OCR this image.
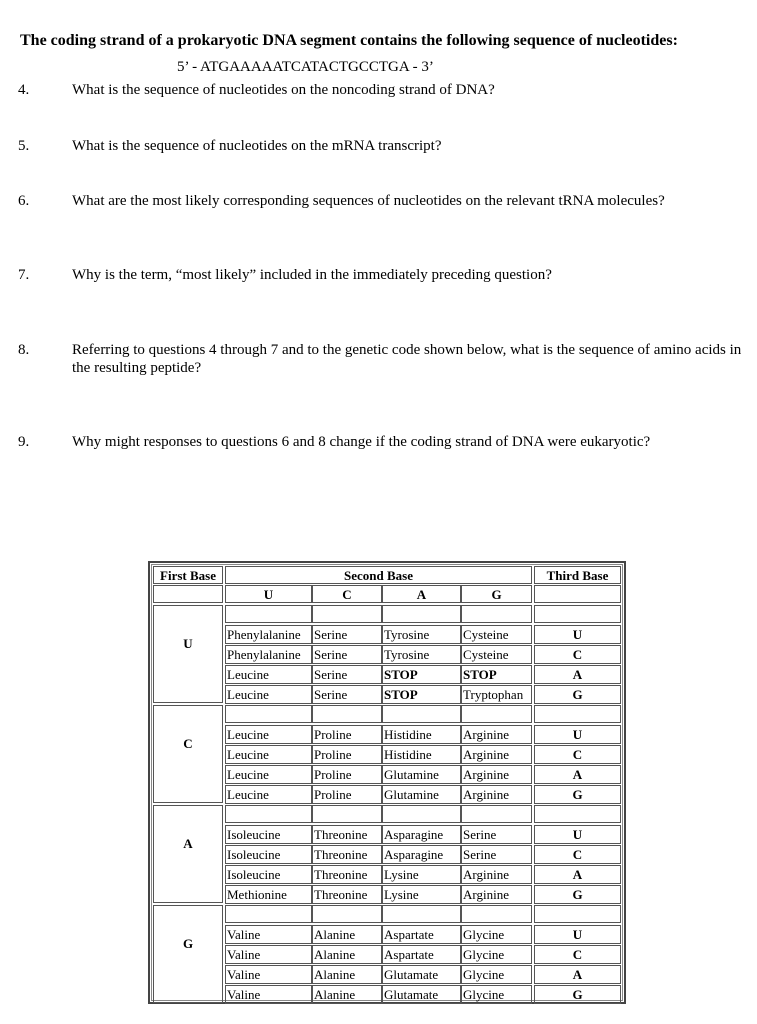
The coding strand of a prokaryotic DNA segment contains the following sequence of nucleotides:
5’ - ATGAAAAATCATACTGCCTGA - 3’
4.	What is the sequence of nucleotides on the noncoding strand of DNA?
5.	What is the sequence of nucleotides on the mRNA transcript?
6.	What are the most likely corresponding sequences of nucleotides on the relevant tRNA molecules?
7.	Why is the term, “most likely” included in the immediately preceding question?
8.	Referring to questions 4 through 7 and to the genetic code shown below, what is the sequence of amino acids in the resulting peptide?
9.	Why might responses to questions 6 and 8 change if the coding strand of DNA were eukaryotic?
First Base	Second Base	Third Base
U	C	A	G
U
Phenylalanine	Serine	Tyrosine	Cysteine	U
Phenylalanine	Serine	Tyrosine	Cysteine	C
Leucine	Serine	STOP	STOP	A
Leucine	Serine	STOP	Tryptophan	G
C
Leucine	Proline	Histidine	Arginine	U
Leucine	Proline	Histidine	Arginine	C
Leucine	Proline	Glutamine	Arginine	A
Leucine	Proline	Glutamine	Arginine	G
A
Isoleucine	Threonine	Asparagine	Serine	U
Isoleucine	Threonine	Asparagine	Serine	C
Isoleucine	Threonine	Lysine	Arginine	A
Methionine	Threonine	Lysine	Arginine	G
G
Valine	Alanine	Aspartate	Glycine	U
Valine	Alanine	Aspartate	Glycine	C
Valine	Alanine	Glutamate	Glycine	A
Valine	Alanine	Glutamate	Glycine	G
